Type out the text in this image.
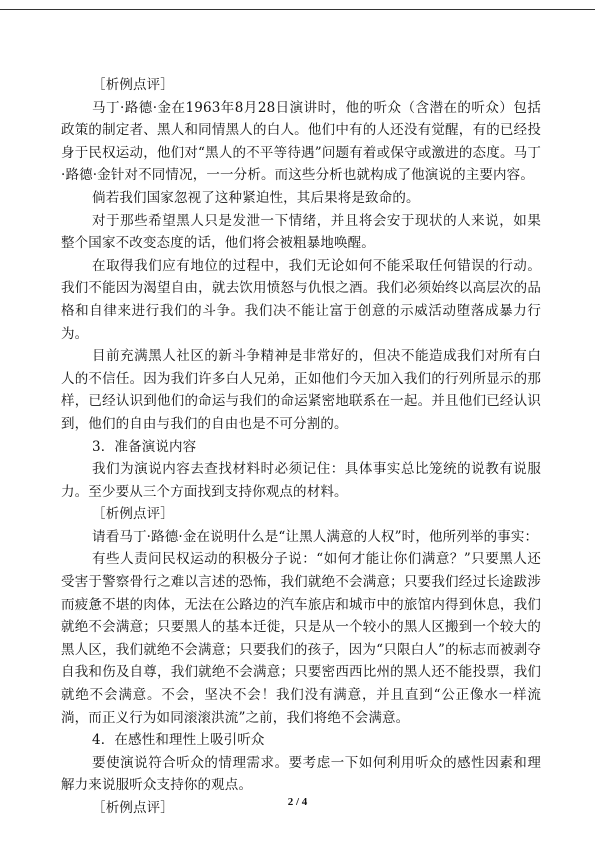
［析例点评］

马丁·路德·金在1963年8月28日演讲时，他的听众（含潜在的听众）包括政策的制定者、黑人和同情黑人的白人。他们中有的人还没有觉醒，有的已经投身于民权运动，他们对“黑人的不平等待遇”问题有着或保守或激进的态度。马丁·路德·金针对不同情况，一一分析。而这些分析也就构成了他演说的主要内容。

倘若我们国家忽视了这种紧迫性，其后果将是致命的。

对于那些希望黑人只是发泄一下情绪，并且将会安于现状的人来说，如果整个国家不改变态度的话，他们将会被粗暴地唤醒。

在取得我们应有地位的过程中，我们无论如何不能采取任何错误的行动。我们不能因为渴望自由，就去饮用愤怒与仇恨之酒。我们必须始终以高层次的品格和自律来进行我们的斗争。我们决不能让富于创意的示威活动堕落成暴力行为。

目前充满黑人社区的新斗争精神是非常好的，但决不能造成我们对所有白人的不信任。因为我们许多白人兄弟，正如他们今天加入我们的行列所显示的那样，已经认识到他们的命运与我们的命运紧密地联系在一起。并且他们已经认识到，他们的自由与我们的自由也是不可分割的。

3．准备演说内容

我们为演说内容去查找材料时必须记住：具体事实总比笼统的说教有说服力。至少要从三个方面找到支持你观点的材料。

［析例点评］

请看马丁·路德·金在说明什么是“让黑人满意的人权”时，他所列举的事实：

有些人责问民权运动的积极分子说：“如何才能让你们满意？”只要黑人还受害于警察骨行之难以言述的恐怖，我们就绝不会满意；只要我们经过长途跋涉而疲惫不堪的肉体，无法在公路边的汽车旅店和城市中的旅馆内得到休息，我们就绝不会满意；只要黑人的基本迁徙，只是从一个较小的黑人区搬到一个较大的黑人区，我们就绝不会满意；只要我们的孩子，因为“只限白人”的标志而被剥夺自我和伤及自尊，我们就绝不会满意；只要密西西比州的黑人还不能投票，我们就绝不会满意。不会，坚决不会！我们没有满意，并且直到“公正像水一样流淌，而正义行为如同滚滚洪流”之前，我们将绝不会满意。

4．在感性和理性上吸引听众

要使演说符合听众的情理需求。要考虑一下如何利用听众的感性因素和理解力来说服听众支持你的观点。

［析例点评］	2 / 4
